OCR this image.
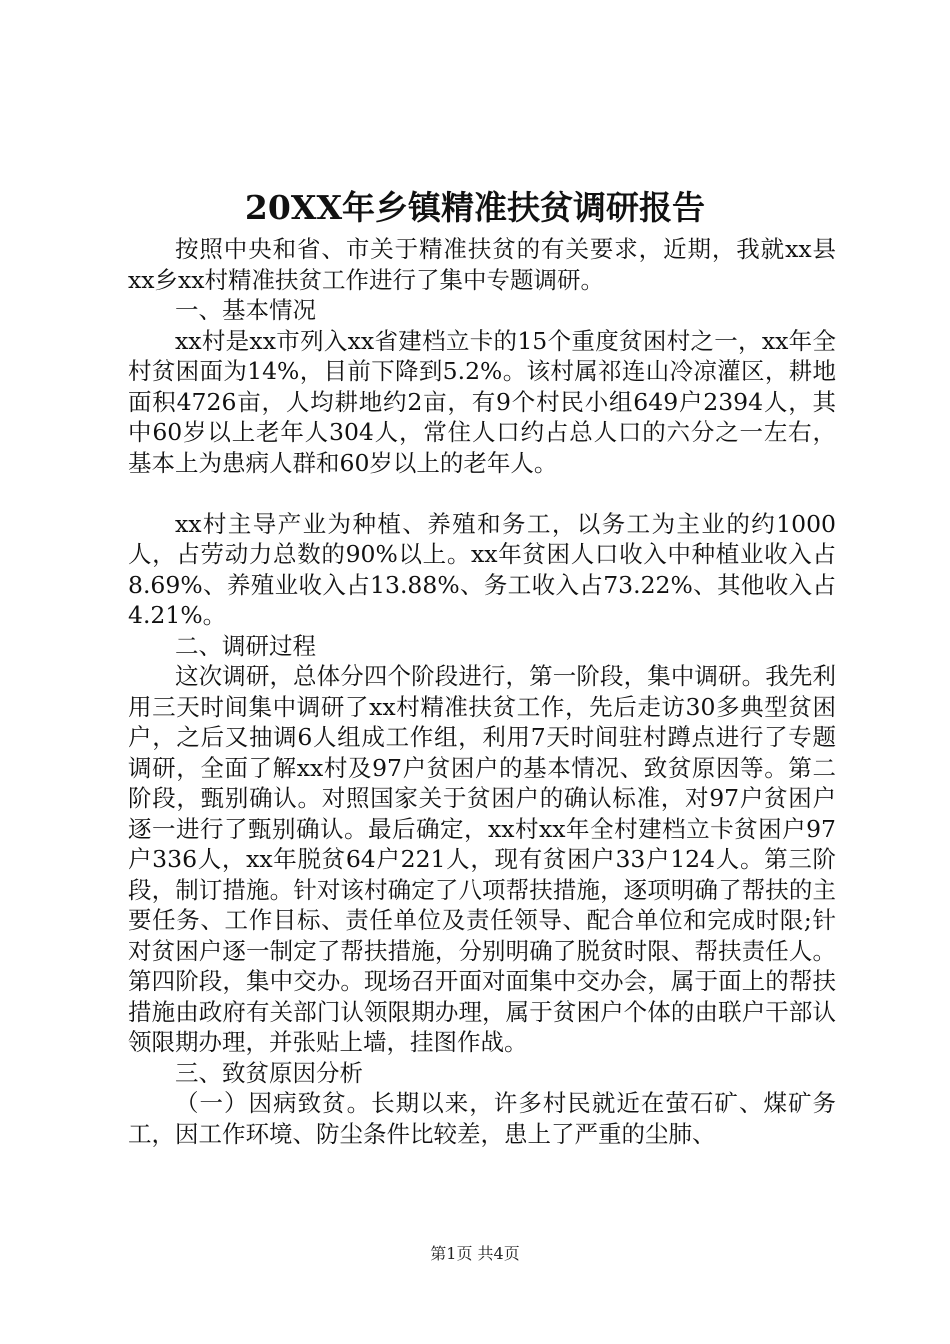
20XX年乡镇精准扶贫调研报告

按照中央和省、市关于精准扶贫的有关要求，近期，我就xx县xx乡xx村精准扶贫工作进行了集中专题调研。

一、基本情况

xx村是xx市列入xx省建档立卡的15个重度贫困村之一，xx年全村贫困面为14%，目前下降到5.2%。该村属祁连山冷凉灌区，耕地面积4726亩，人均耕地约2亩，有9个村民小组649户2394人，其中60岁以上老年人304人，常住人口约占总人口的六分之一左右，基本上为患病人群和60岁以上的老年人。

xx村主导产业为种植、养殖和务工，以务工为主业的约1000人，占劳动力总数的90%以上。xx年贫困人口收入中种植业收入占8.69%、养殖业收入占13.88%、务工收入占73.22%、其他收入占4.21%。

二、调研过程

这次调研，总体分四个阶段进行，第一阶段，集中调研。我先利用三天时间集中调研了xx村精准扶贫工作，先后走访30多典型贫困户，之后又抽调6人组成工作组，利用7天时间驻村蹲点进行了专题调研，全面了解xx村及97户贫困户的基本情况、致贫原因等。第二阶段，甄别确认。对照国家关于贫困户的确认标准，对97户贫困户逐一进行了甄别确认。最后确定，xx村xx年全村建档立卡贫困户97户336人，xx年脱贫64户221人，现有贫困户33户124人。第三阶段，制订措施。针对该村确定了八项帮扶措施，逐项明确了帮扶的主要任务、工作目标、责任单位及责任领导、配合单位和完成时限;针对贫困户逐一制定了帮扶措施，分别明确了脱贫时限、帮扶责任人。第四阶段，集中交办。现场召开面对面集中交办会，属于面上的帮扶措施由政府有关部门认领限期办理，属于贫困户个体的由联户干部认领限期办理，并张贴上墙，挂图作战。

三、致贫原因分析

（一）因病致贫。长期以来，许多村民就近在萤石矿、煤矿务工，因工作环境、防尘条件比较差，患上了严重的尘肺、

第1页 共4页
